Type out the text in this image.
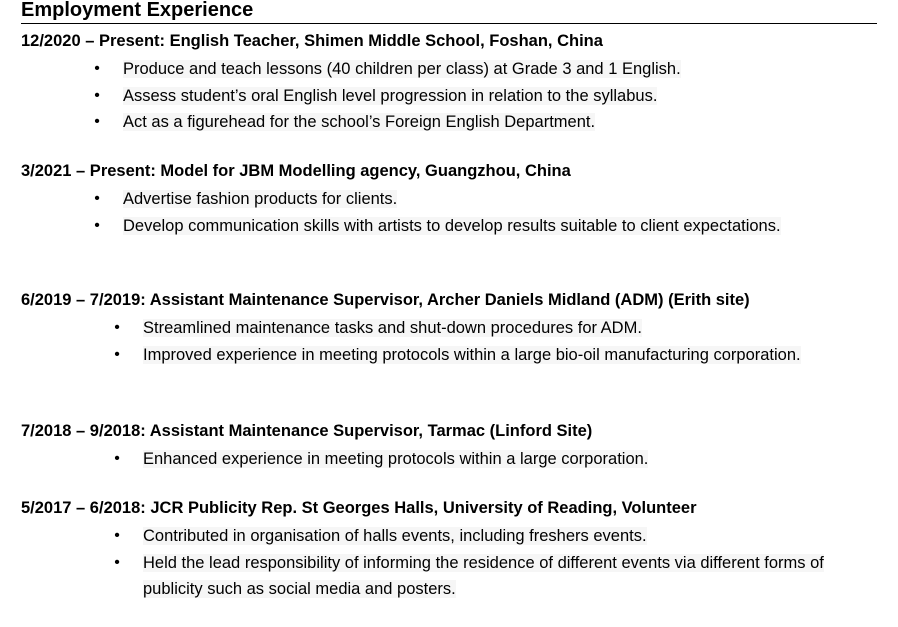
Employment Experience
12/2020 – Present: English Teacher, Shimen Middle School, Foshan, China
• Produce and teach lessons (40 children per class) at Grade 3 and 1 English.
• Assess student’s oral English level progression in relation to the syllabus.
• Act as a figurehead for the school’s Foreign English Department.
3/2021 – Present: Model for JBM Modelling agency, Guangzhou, China
• Advertise fashion products for clients.
• Develop communication skills with artists to develop results suitable to client expectations.
6/2019 – 7/2019: Assistant Maintenance Supervisor, Archer Daniels Midland (ADM) (Erith site)
• Streamlined maintenance tasks and shut-down procedures for ADM.
• Improved experience in meeting protocols within a large bio-oil manufacturing corporation.
7/2018 – 9/2018: Assistant Maintenance Supervisor, Tarmac (Linford Site)
• Enhanced experience in meeting protocols within a large corporation.
5/2017 – 6/2018: JCR Publicity Rep. St Georges Halls, University of Reading, Volunteer
• Contributed in organisation of halls events, including freshers events.
• Held the lead responsibility of informing the residence of different events via different forms of publicity such as social media and posters.
